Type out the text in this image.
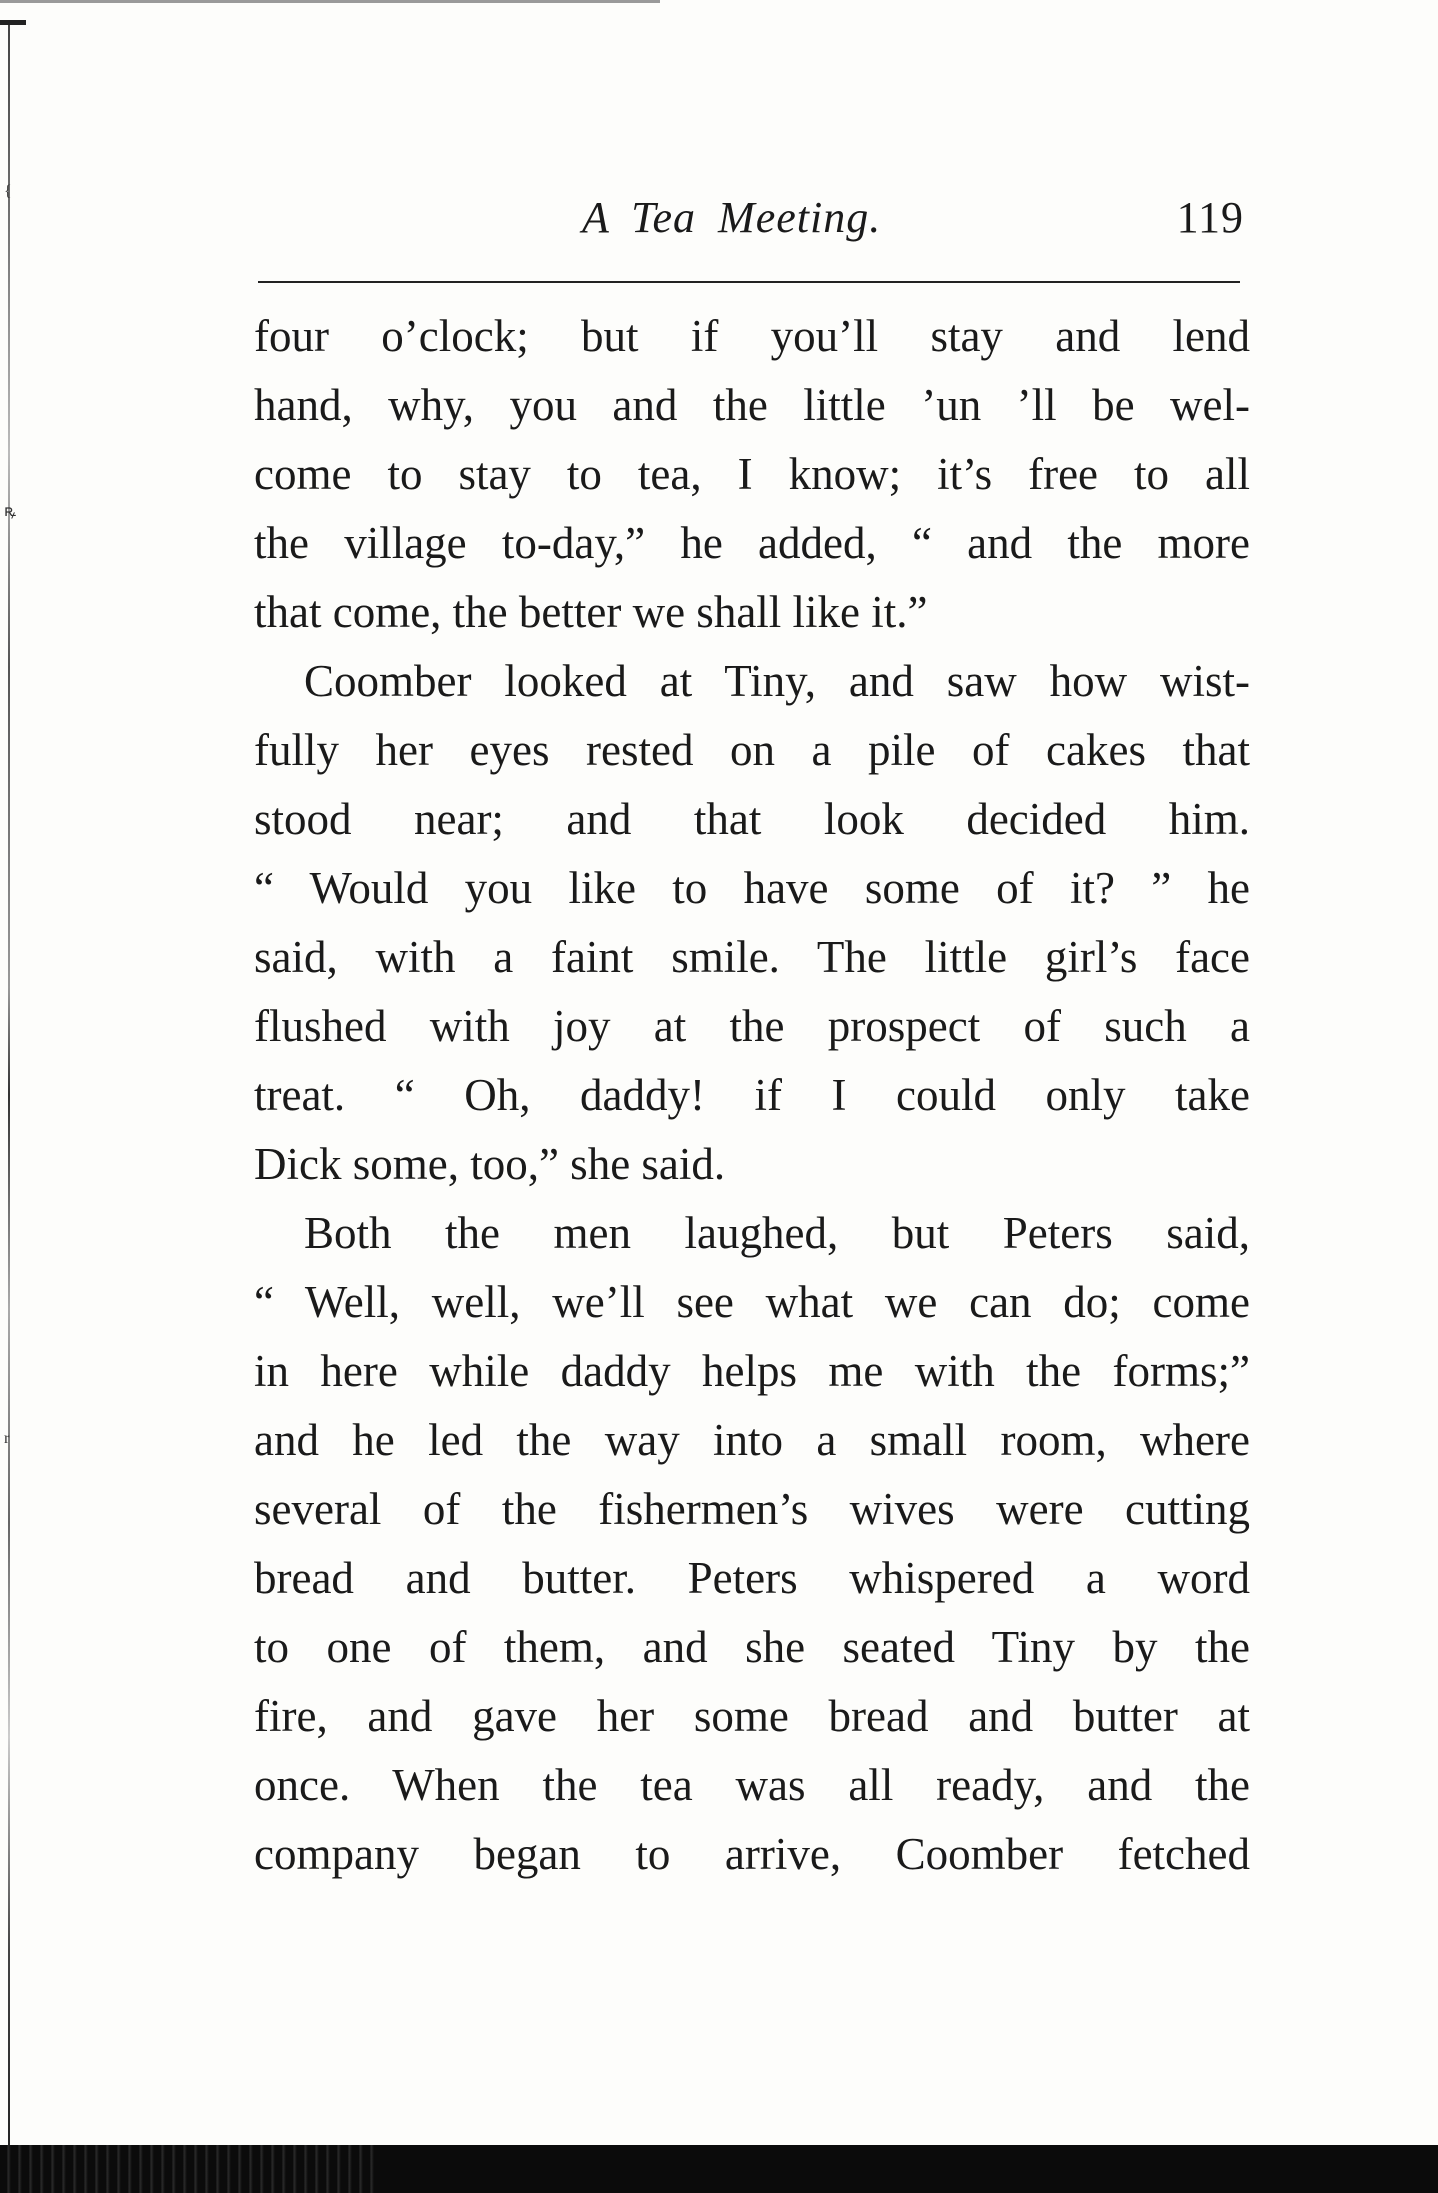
{
ꝶ
r
A Tea Meeting.	119
four o’clock; but if you’ll stay and lend
hand, why, you and the little ’un ’ll be wel-
come to stay to tea, I know; it’s free to all
the village to-day,” he added, “ and the more
that come, the better we shall like it.”
Coomber looked at Tiny, and saw how wist-
fully her eyes rested on a pile of cakes that
stood near; and that look decided him.
“ Would you like to have some of it? ” he
said, with a faint smile. The little girl’s face
flushed with joy at the prospect of such a
treat. “ Oh, daddy! if I could only take
Dick some, too,” she said.
Both the men laughed, but Peters said,
“ Well, well, we’ll see what we can do; come
in here while daddy helps me with the forms;”
and he led the way into a small room, where
several of the fishermen’s wives were cutting
bread and butter. Peters whispered a word
to one of them, and she seated Tiny by the
fire, and gave her some bread and butter at
once. When the tea was all ready, and the
company began to arrive, Coomber fetched
